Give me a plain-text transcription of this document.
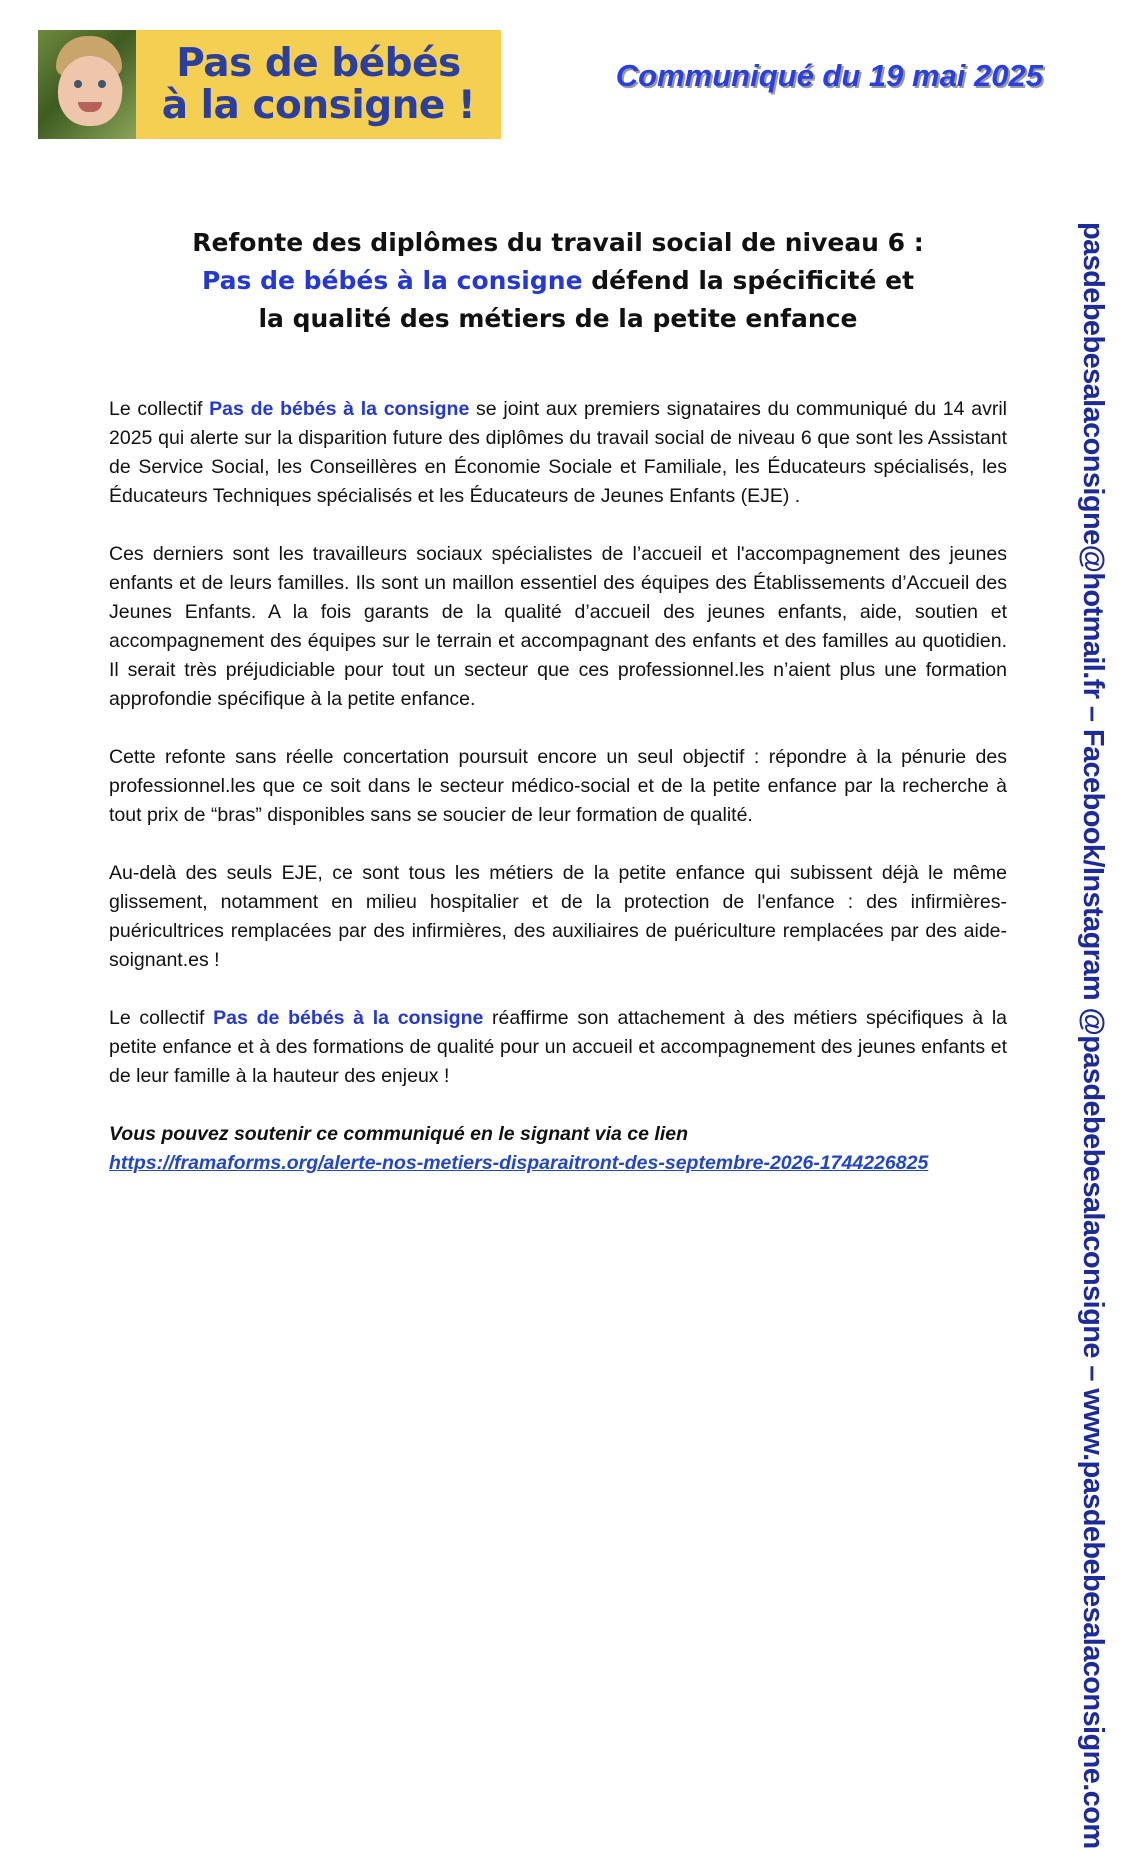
Pas de bébés
à la consigne !
Communiqué du 19 mai 2025
pasdebebesalaconsigne@hotmail.fr – Facebook/Instagram @pasdebebesalaconsigne – www.pasdebebesalaconsigne.com
Refonte des diplômes du travail social de niveau 6 :
Pas de bébés à la consigne défend la spécificité et
la qualité des métiers de la petite enfance

Le collectif Pas de bébés à la consigne se joint aux premiers signataires du communiqué du 14 avril 2025 qui alerte sur la disparition future des diplômes du travail social de niveau 6 que sont les Assistant de Service Social, les Conseillères en Économie Sociale et Familiale, les Éducateurs spécialisés, les Éducateurs Techniques spécialisés et les Éducateurs de Jeunes Enfants (EJE) .

Ces derniers sont les travailleurs sociaux spécialistes de l’accueil et l'accompagnement des jeunes enfants et de leurs familles. Ils sont un maillon essentiel des équipes des Établissements d’Accueil des Jeunes Enfants. A la fois garants de la qualité d’accueil des jeunes enfants, aide, soutien et accompagnement des équipes sur le terrain et accompagnant des enfants et des familles au quotidien. Il serait très préjudiciable pour tout un secteur que ces professionnel.les n’aient plus une formation approfondie spécifique à la petite enfance.

Cette refonte sans réelle concertation poursuit encore un seul objectif : répondre à la pénurie des professionnel.les que ce soit dans le secteur médico-social et de la petite enfance par la recherche à tout prix de “bras” disponibles sans se soucier de leur formation de qualité.

Au-delà des seuls EJE, ce sont tous les métiers de la petite enfance qui subissent déjà le même glissement, notamment en milieu hospitalier et de la protection de l'enfance : des infirmières-puéricultrices remplacées par des infirmières, des auxiliaires de puériculture remplacées par des aide-soignant.es !

Le collectif Pas de bébés à la consigne réaffirme son attachement à des métiers spécifiques à la petite enfance et à des formations de qualité pour un accueil et accompagnement des jeunes enfants et de leur famille à la hauteur des enjeux !

Vous pouvez soutenir ce communiqué en le signant via ce lien
https://framaforms.org/alerte-nos-metiers-disparaitront-des-septembre-2026-1744226825
